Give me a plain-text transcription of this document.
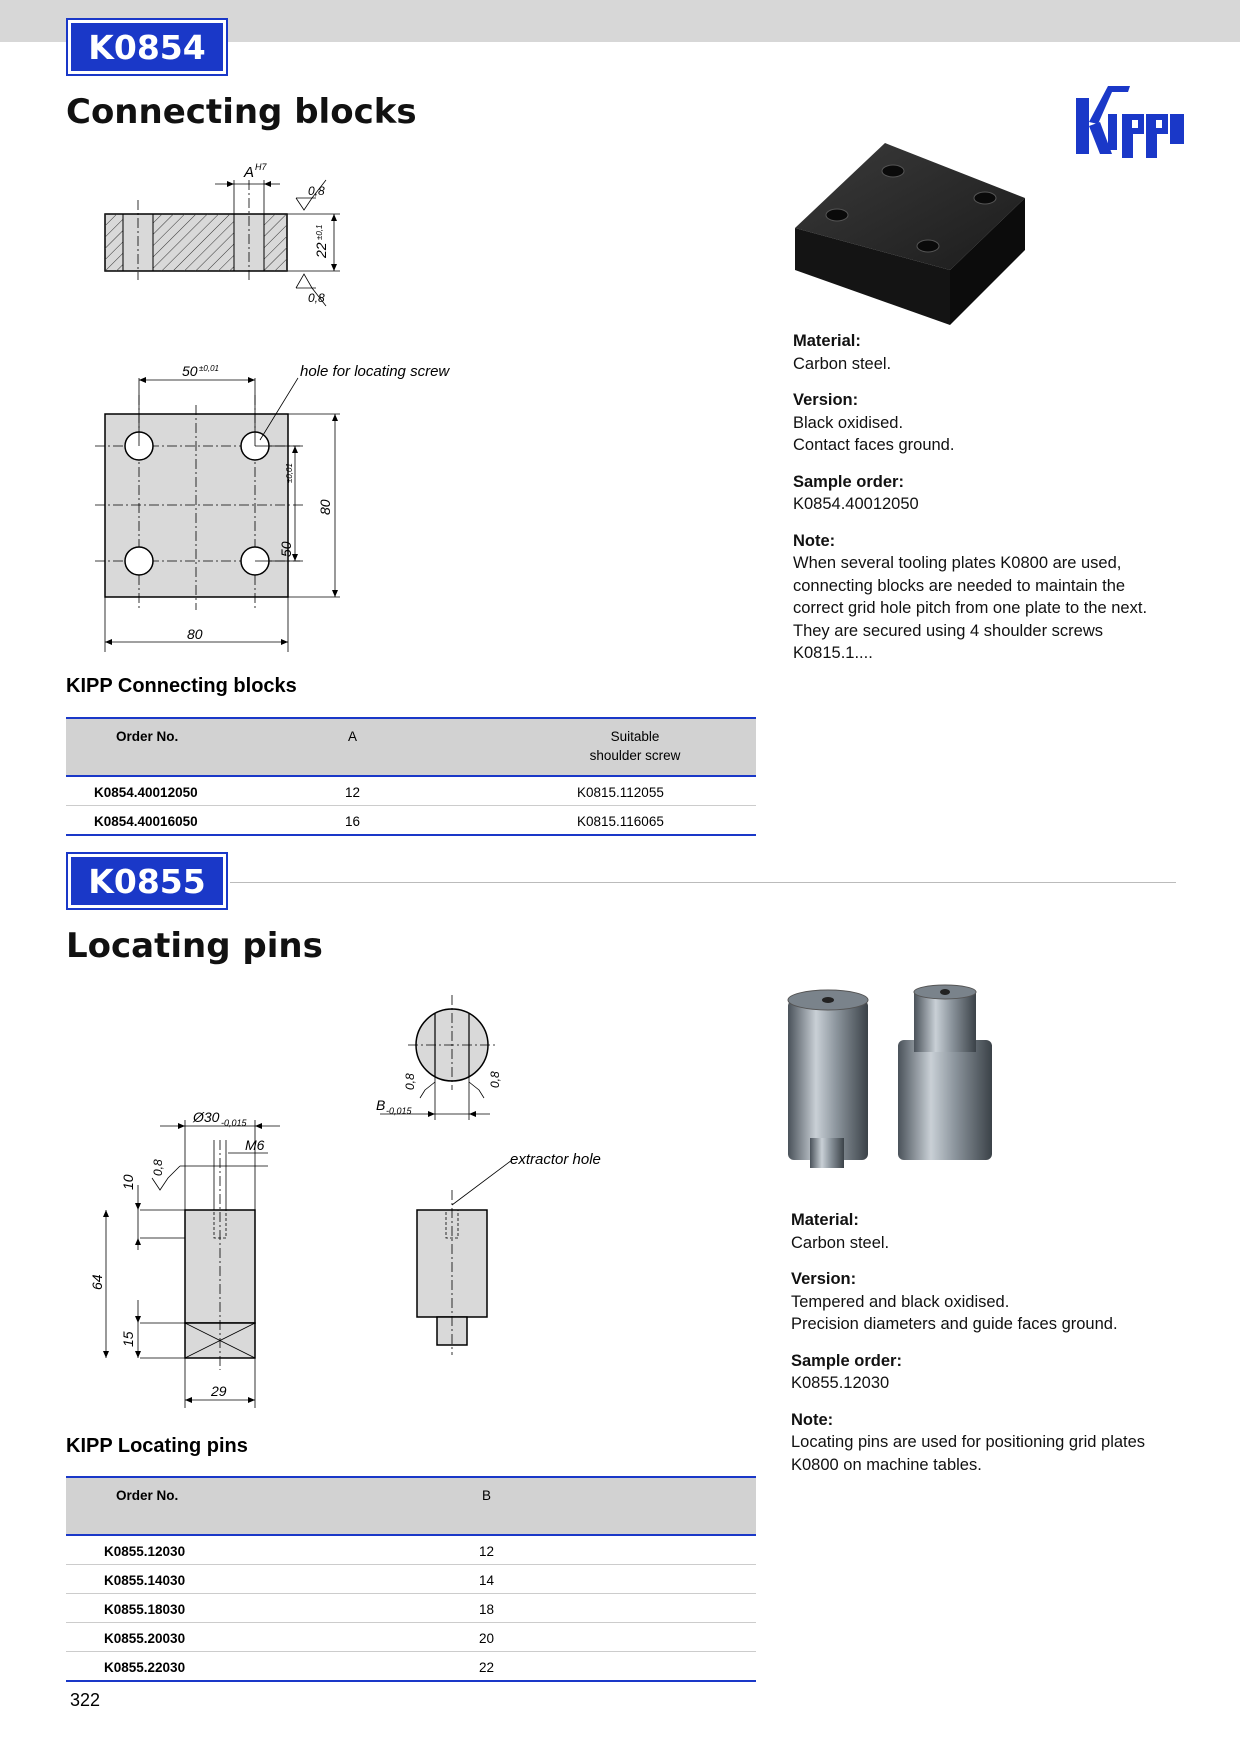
K0854
Connecting blocks
A H7
22
±0,1
0,8
0,8
50 ±0,01
50
±0,01
80
80
hole for locating screw
Material:
Carbon steel.
Version:
Black oxidised.
Contact faces ground.
Sample order:
K0854.40012050
Note:
When several tooling plates K0800 are used, connecting blocks are needed to maintain the correct grid hole pitch from one plate to the next. They are secured using 4 shoulder screws K0815.1....
KIPP Connecting blocks
Order No.	A	Suitable
shoulder screw
K0854.40012050	12	K0815.112055
K0854.40016050	16	K0815.116065
K0855
Locating pins
64
10
15
29
Ø30 -0,015
M6
0,8	extractor hole
B -0,015
0,8	0,8
Material:
Carbon steel.
Version:
Tempered and black oxidised.
Precision diameters and guide faces ground.
Sample order:
K0855.12030
Note:
Locating pins are used for positioning grid plates K0800 on machine tables.
KIPP Locating pins
Order No.	B
K0855.12030	12
K0855.14030	14
K0855.18030	18
K0855.20030	20
K0855.22030	22
322
